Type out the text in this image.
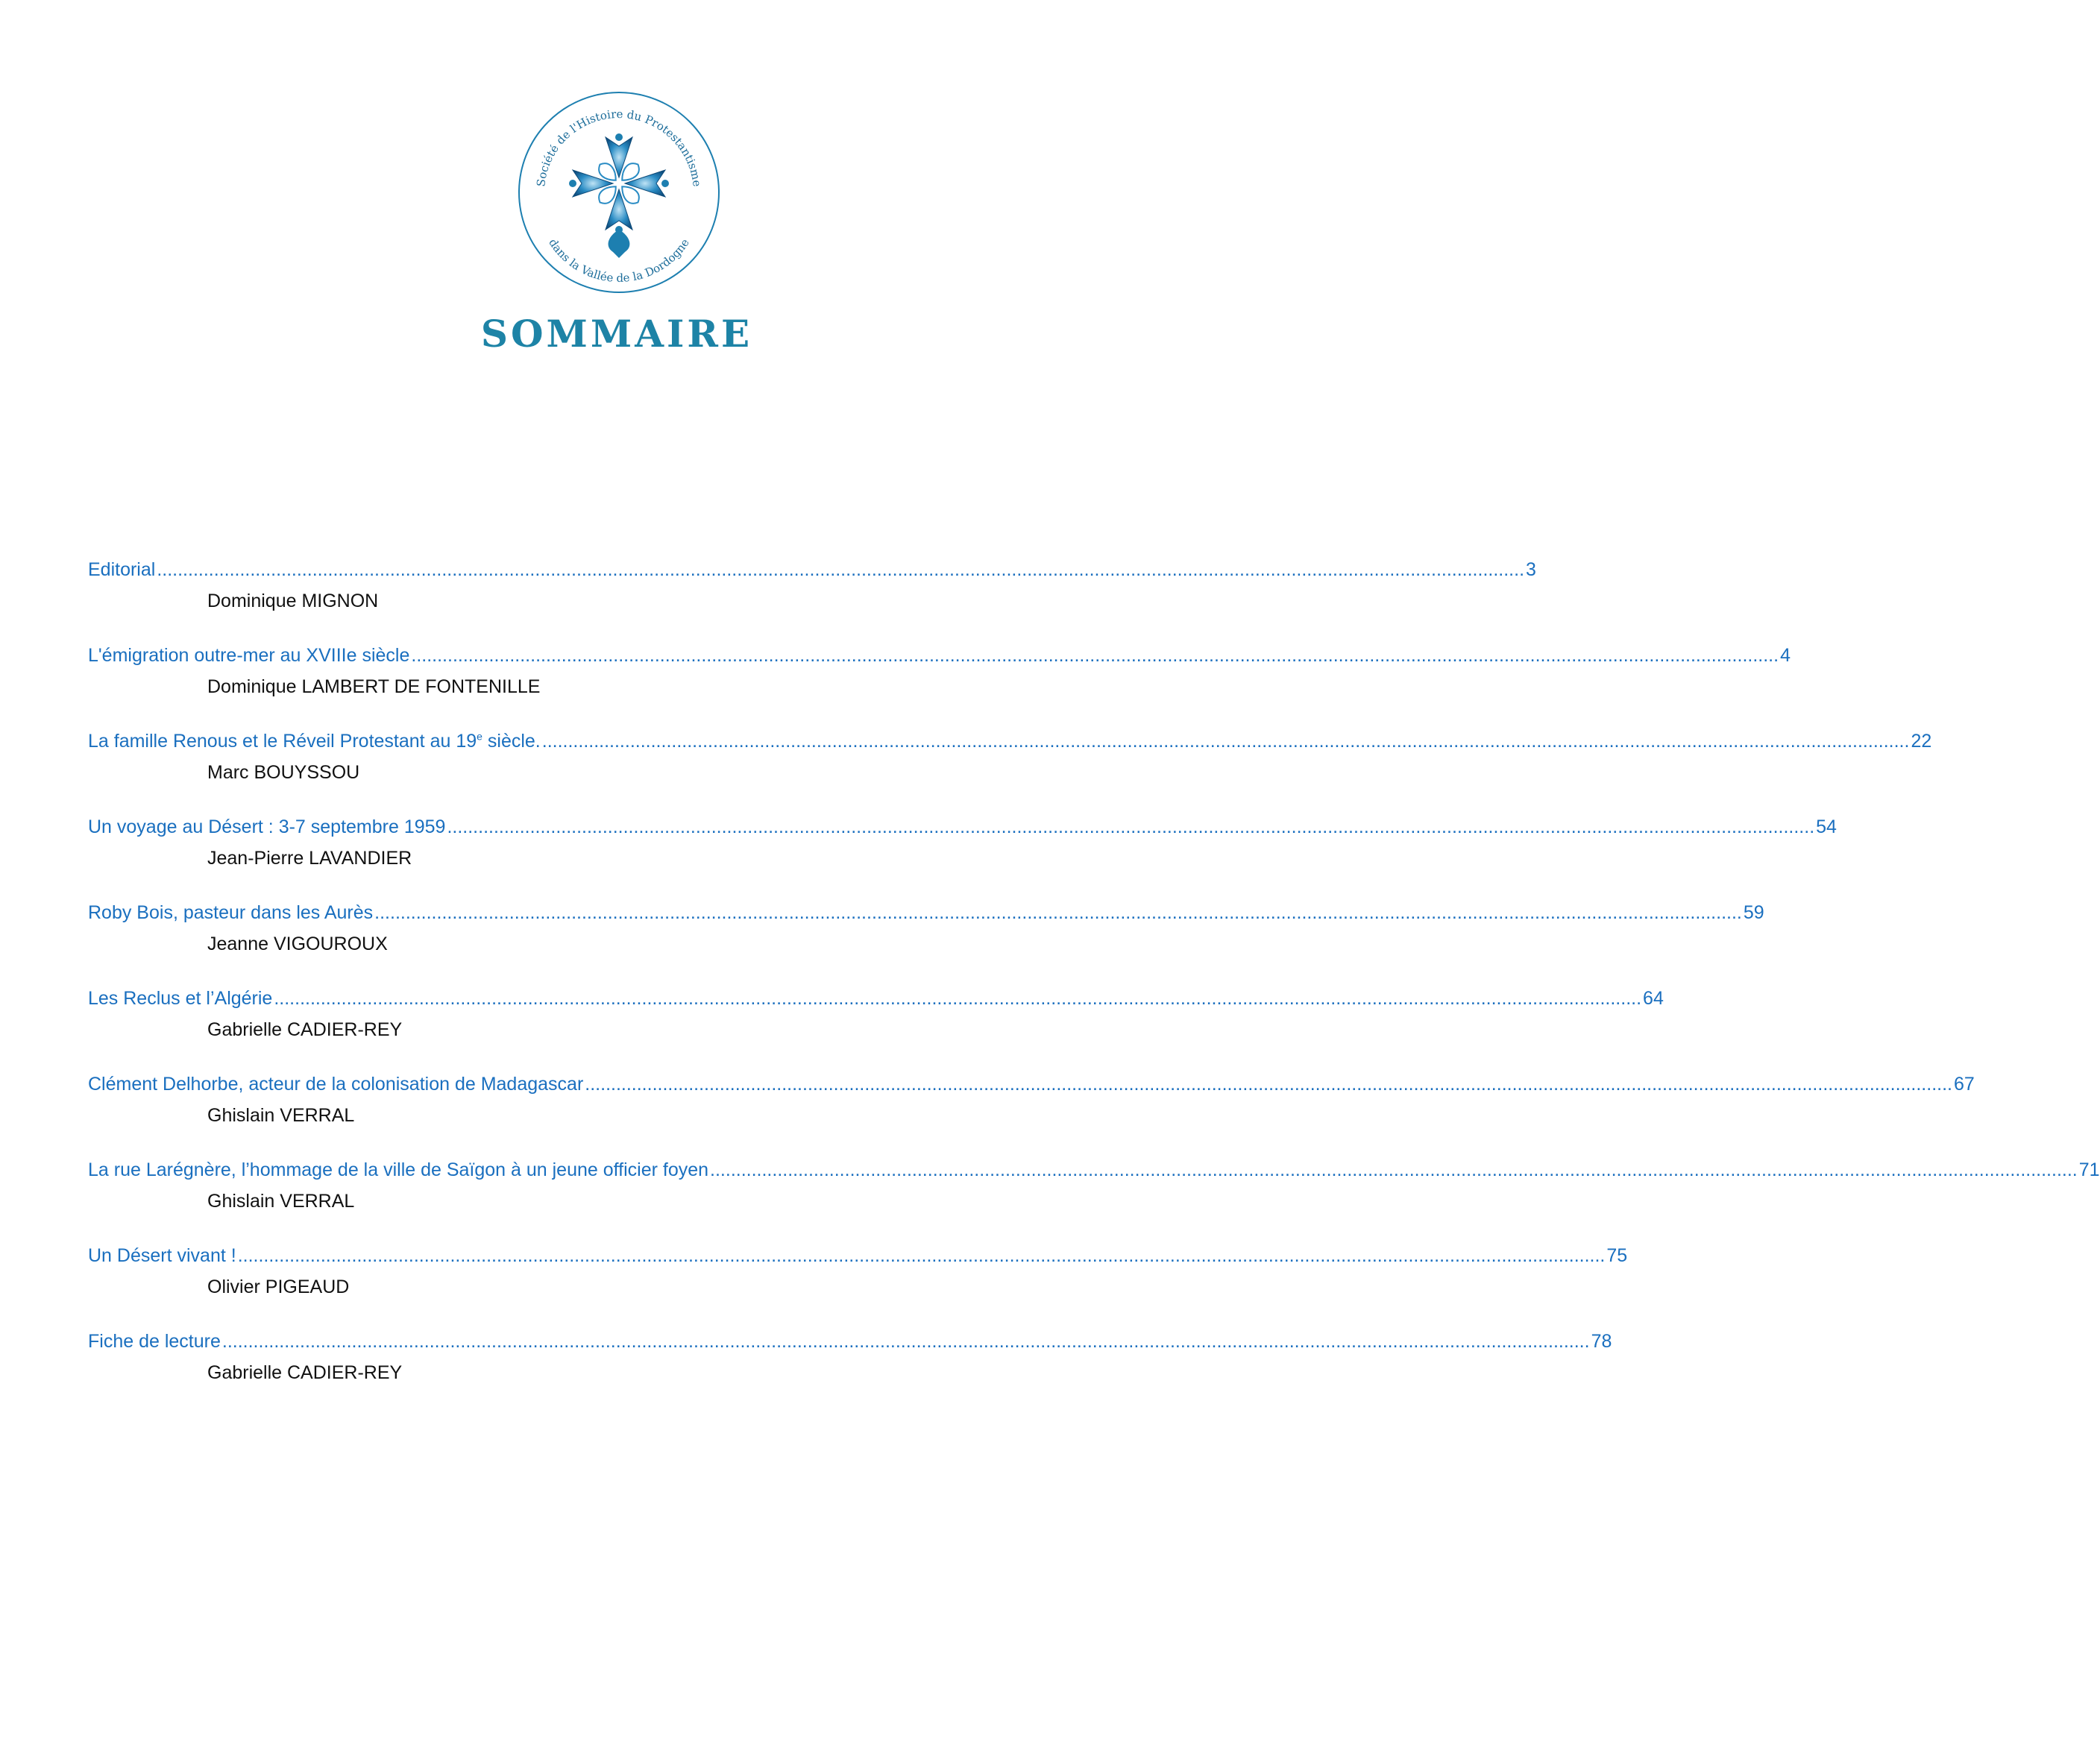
Société de l'Histoire du Protestantisme
dans la Vallée de la Dordogne
SOMMAIRE
Editorial ........................................................................................................................................................................................................................................................................ 3
Dominique MIGNON
L'émigration outre-mer au XVIIIe siècle ........................................................................................................................................................................................................................................................................ 4
Dominique LAMBERT DE FONTENILLE
La famille Renous et le Réveil Protestant au 19e siècle. ........................................................................................................................................................................................................................................................................ 22
Marc BOUYSSOU
Un voyage au Désert : 3-7 septembre 1959 ........................................................................................................................................................................................................................................................................ 54
Jean-Pierre LAVANDIER
Roby Bois, pasteur dans les Aurès ........................................................................................................................................................................................................................................................................ 59
Jeanne VIGOUROUX
Les Reclus et l’Algérie ........................................................................................................................................................................................................................................................................ 64
Gabrielle CADIER-REY
Clément Delhorbe, acteur de la colonisation de Madagascar ........................................................................................................................................................................................................................................................................ 67
Ghislain VERRAL
La rue Larégnère, l’hommage de la ville de Saïgon à un jeune officier foyen ........................................................................................................................................................................................................................................................................ 71
Ghislain VERRAL
Un Désert vivant ! ........................................................................................................................................................................................................................................................................ 75
Olivier PIGEAUD
Fiche de lecture ........................................................................................................................................................................................................................................................................ 78
Gabrielle CADIER-REY
